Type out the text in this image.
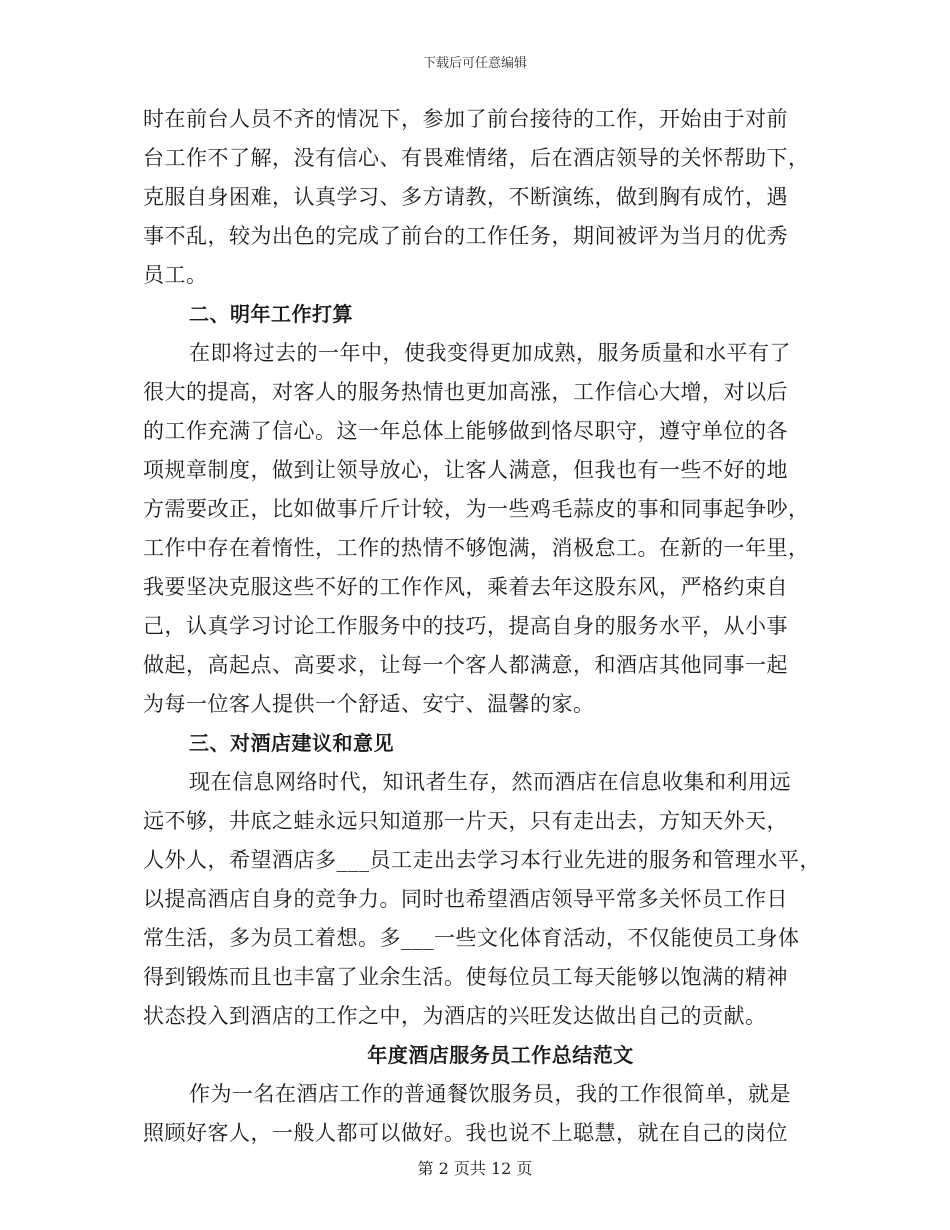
下载后可任意编辑
时在前台人员不齐的情况下，参加了前台接待的工作，开始由于对前
台工作不了解，没有信心、有畏难情绪，后在酒店领导的关怀帮助下，
克服自身困难，认真学习、多方请教，不断演练，做到胸有成竹，遇
事不乱，较为出色的完成了前台的工作任务，期间被评为当月的优秀
员工。
二、明年工作打算
在即将过去的一年中，使我变得更加成熟，服务质量和水平有了
很大的提高，对客人的服务热情也更加高涨，工作信心大增，对以后
的工作充满了信心。这一年总体上能够做到恪尽职守，遵守单位的各
项规章制度，做到让领导放心，让客人满意，但我也有一些不好的地
方需要改正，比如做事斤斤计较，为一些鸡毛蒜皮的事和同事起争吵，
工作中存在着惰性，工作的热情不够饱满，消极怠工。在新的一年里，
我要坚决克服这些不好的工作作风，乘着去年这股东风，严格约束自
己，认真学习讨论工作服务中的技巧，提高自身的服务水平，从小事
做起，高起点、高要求，让每一个客人都满意，和酒店其他同事一起
为每一位客人提供一个舒适、安宁、温馨的家。
三、对酒店建议和意见
现在信息网络时代，知讯者生存，然而酒店在信息收集和利用远
远不够，井底之蛙永远只知道那一片天，只有走出去，方知天外天，
人外人，希望酒店多___员工走出去学习本行业先进的服务和管理水平，
以提高酒店自身的竞争力。同时也希望酒店领导平常多关怀员工作日
常生活，多为员工着想。多___一些文化体育活动，不仅能使员工身体
得到锻炼而且也丰富了业余生活。使每位员工每天能够以饱满的精神
状态投入到酒店的工作之中，为酒店的兴旺发达做出自己的贡献。
年度酒店服务员工作总结范文
作为一名在酒店工作的普通餐饮服务员，我的工作很简单，就是
照顾好客人，一般人都可以做好。我也说不上聪慧，就在自己的岗位
第 2 页共 12 页
